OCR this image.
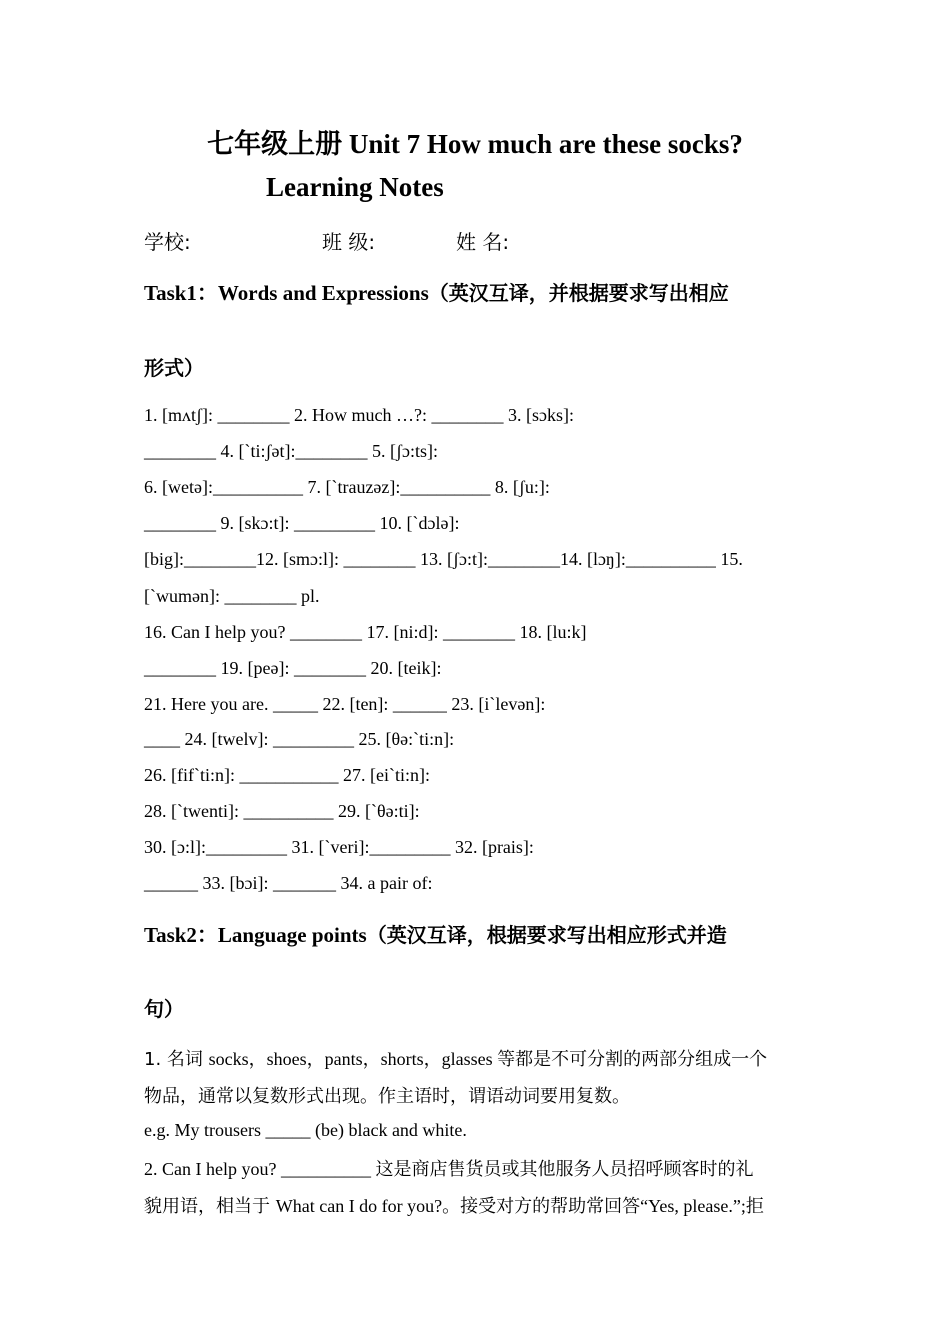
七年级上册 Unit 7 How much are these socks?
Learning Notes
学校:	班 级:	姓 名:
Task1：Words and Expressions（英汉互译，并根据要求写出相应
形式）
1. [mʌtʃ]: ________ 2. How much …?: ________ 3. [sɔks]:
________ 4. [`ti:ʃət]:________ 5. [ʃɔ:ts]:
6. [wetə]:__________ 7. [`trauzəz]:__________ 8. [ʃu:]:
________ 9. [skɔ:t]: _________ 10. [`dɔlə]:
[big]:________12. [smɔ:l]: ________ 13. [ʃɔ:t]:________14. [lɔŋ]:__________ 15.
[`wumən]: ________ pl.
16. Can I help you? ________ 17. [ni:d]: ________ 18. [lu:k]
________ 19. [peə]: ________ 20. [teik]:
21. Here you are. _____ 22. [ten]: ______ 23. [i`levən]:
____ 24. [twelv]: _________ 25. [θə:`ti:n]:
26. [fif`ti:n]: ___________ 27. [ei`ti:n]:
28. [`twenti]: __________ 29. [`θə:ti]:
30. [ɔ:l]:_________ 31. [`veri]:_________ 32. [prais]:
______ 33. [bɔi]: _______ 34. a pair of:
Task2：Language points（英汉互译，根据要求写出相应形式并造
句）
1. 名词 socks，shoes，pants，shorts，glasses 等都是不可分割的两部分组成一个
物品，通常以复数形式出现。作主语时，谓语动词要用复数。
e.g. My trousers _____ (be) black and white.
2. Can I help you? __________ 这是商店售货员或其他服务人员招呼顾客时的礼
貌用语，相当于 What can I do for you?。接受对方的帮助常回答“Yes, please.”;拒
